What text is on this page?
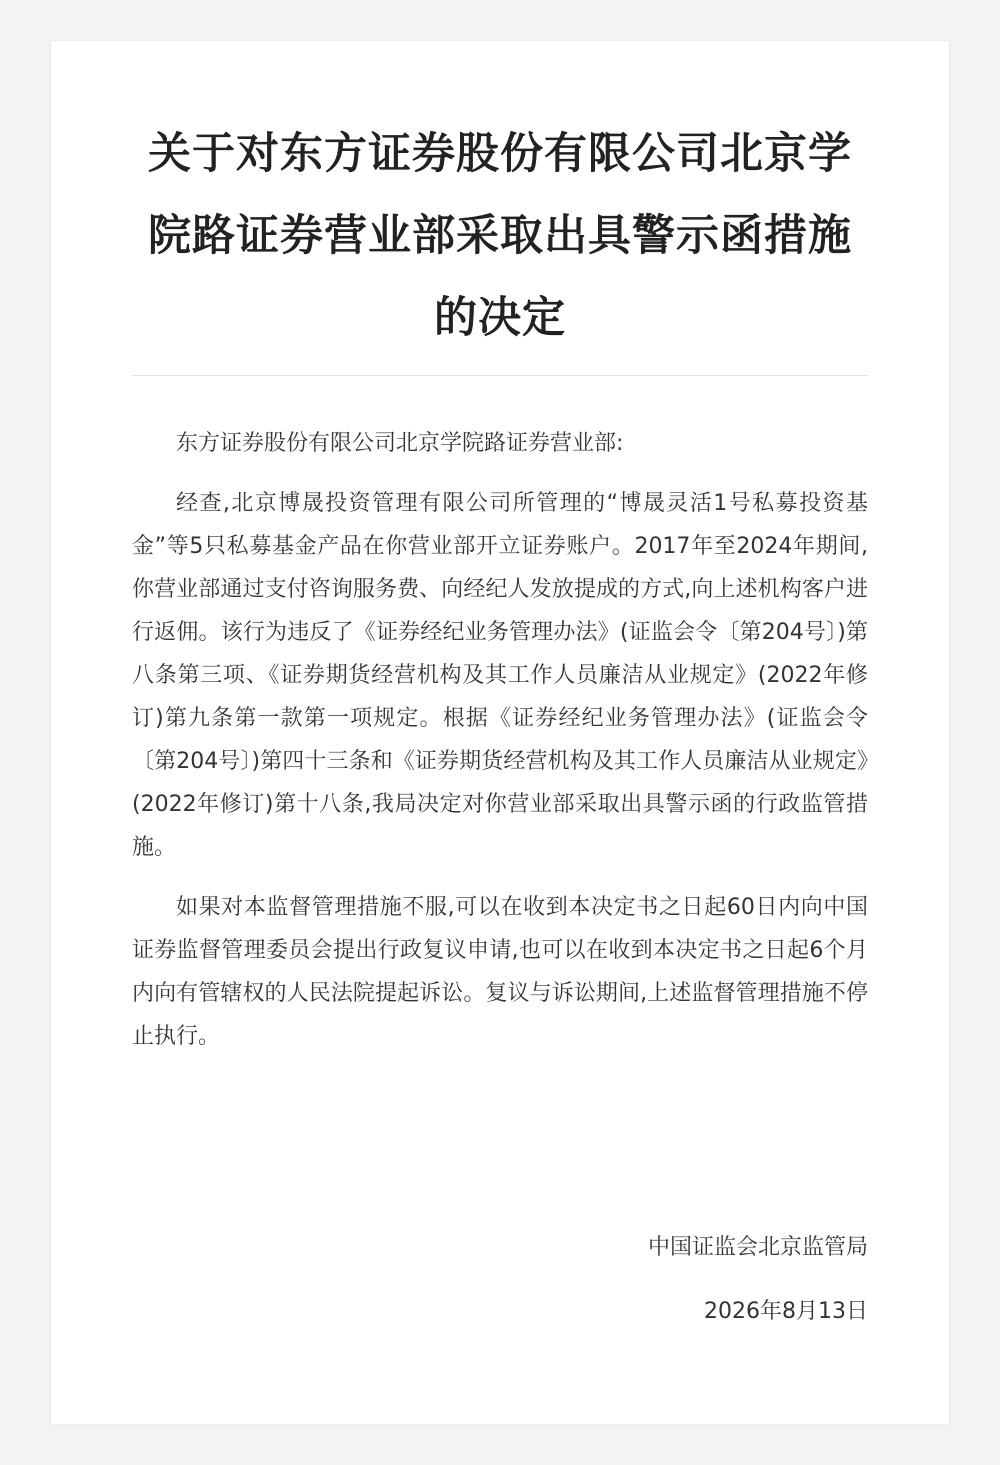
关于对东方证券股份有限公司北京学院路证券营业部采取出具警示函措施的决定

东方证券股份有限公司北京学院路证券营业部:

经查,北京博晟投资管理有限公司所管理的“博晟灵活1号私募投资基金”等5只私募基金产品在你营业部开立证券账户。2017年至2024年期间,你营业部通过支付咨询服务费、向经纪人发放提成的方式,向上述机构客户进行返佣。该行为违反了《证券经纪业务管理办法》(证监会令〔第204号〕)第八条第三项、《证券期货经营机构及其工作人员廉洁从业规定》(2022年修订)第九条第一款第一项规定。根据《证券经纪业务管理办法》(证监会令〔第204号〕)第四十三条和《证券期货经营机构及其工作人员廉洁从业规定》(2022年修订)第十八条,我局决定对你营业部采取出具警示函的行政监管措施。

如果对本监督管理措施不服,可以在收到本决定书之日起60日内向中国证券监督管理委员会提出行政复议申请,也可以在收到本决定书之日起6个月内向有管辖权的人民法院提起诉讼。复议与诉讼期间,上述监督管理措施不停止执行。

中国证监会北京监管局
2026年8月13日
